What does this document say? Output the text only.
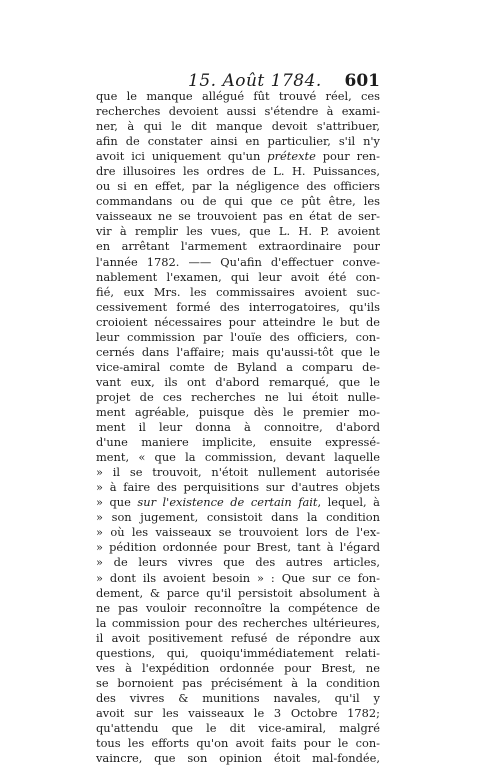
15. Août 1784. 601
que le manque allégué fût trouvé réel, ces
recherches devoient aussi s'étendre à exami-
ner, à qui le dit manque devoit s'attribuer,
afin de constater ainsi en particulier, s'il n'y
avoit ici uniquement qu'un prétexte pour ren-
dre illusoires les ordres de L. H. Puissances,
ou si en effet, par la négligence des officiers
commandans ou de qui que ce pût être, les
vaisseaux ne se trouvoient pas en état de ser-
vir à remplir les vues, que L. H. P. avoient
en arrêtant l'armement extraordinaire pour
l'année 1782. —— Qu'afin d'effectuer conve-
nablement l'examen, qui leur avoit été con-
fié, eux Mrs. les commissaires avoient suc-
cessivement formé des interrogatoires, qu'ils
croioient nécessaires pour atteindre le but de
leur commission par l'ouïe des officiers, con-
cernés dans l'affaire; mais qu'aussi-tôt que le
vice-amiral comte de Byland a comparu de-
vant eux, ils ont d'abord remarqué, que le
projet de ces recherches ne lui étoit nulle-
ment agréable, puisque dès le premier mo-
ment il leur donna à connoitre, d'abord
d'une maniere implicite, ensuite expressé-
ment, « que la commission, devant laquelle
» il se trouvoit, n'étoit nullement autorisée
» à faire des perquisitions sur d'autres objets
» que sur l'existence de certain fait, lequel, à
» son jugement, consistoit dans la condition
» où les vaisseaux se trouvoient lors de l'ex-
» pédition ordonnée pour Brest, tant à l'égard
» de leurs vivres que des autres articles,
» dont ils avoient besoin » : Que sur ce fon-
dement, & parce qu'il persistoit absolument à
ne pas vouloir reconnoître la compétence de
la commission pour des recherches ultérieures,
il avoit positivement refusé de répondre aux
questions, qui, quoiqu'immédiatement relati-
ves à l'expédition ordonnée pour Brest, ne
se bornoient pas précisément à la condition
des vivres & munitions navales, qu'il y
avoit sur les vaisseaux le 3 Octobre 1782;
qu'attendu que le dit vice-amiral, malgré
tous les efforts qu'on avoit faits pour le con-
vaincre, que son opinion étoit mal-fondée,
